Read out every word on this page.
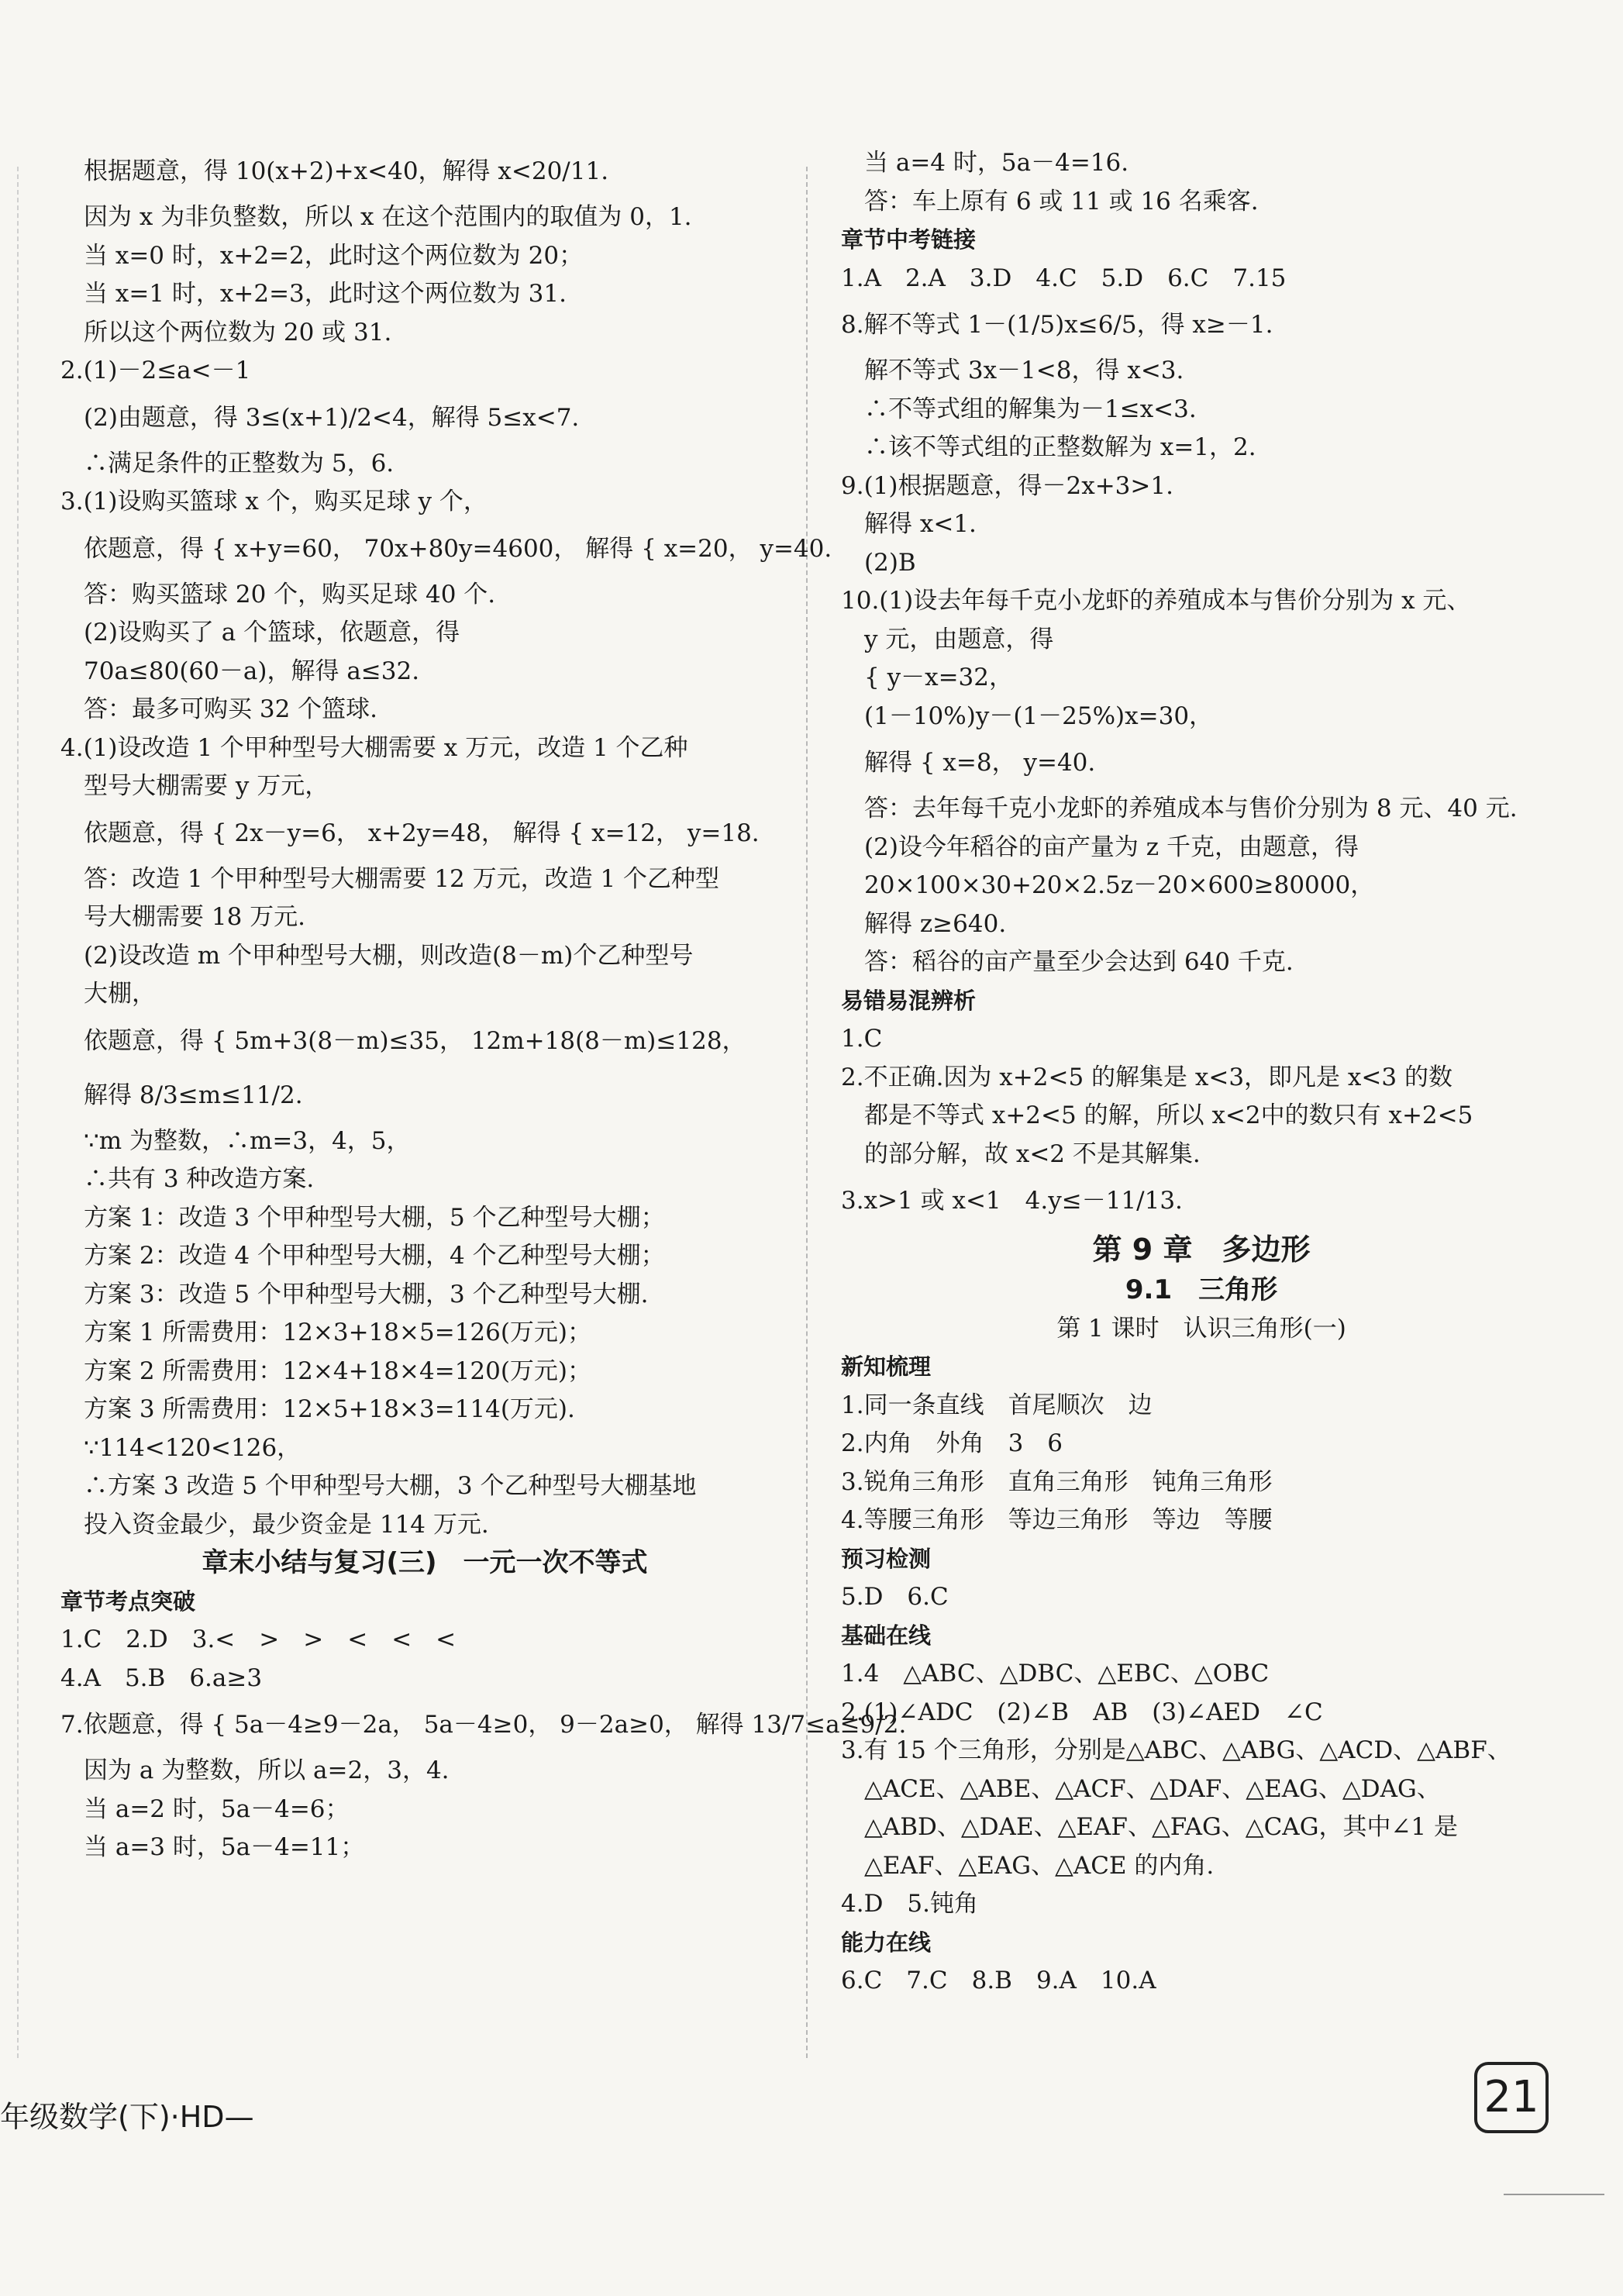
根据题意，得 10(x+2)+x<40，解得 x<20/11.
因为 x 为非负整数，所以 x 在这个范围内的取值为 0，1.
当 x=0 时，x+2=2，此时这个两位数为 20；
当 x=1 时，x+2=3，此时这个两位数为 31.
所以这个两位数为 20 或 31.
2.(1)－2≤a<－1
(2)由题意，得 3≤(x+1)/2<4，解得 5≤x<7.
∴满足条件的正整数为 5，6.
3.(1)设购买篮球 x 个，购买足球 y 个，
依题意，得 { x+y=60， 70x+80y=4600， 解得 { x=20， y=40.
答：购买篮球 20 个，购买足球 40 个.
(2)设购买了 a 个篮球，依题意，得
70a≤80(60－a)，解得 a≤32.
答：最多可购买 32 个篮球.
4.(1)设改造 1 个甲种型号大棚需要 x 万元，改造 1 个乙种
型号大棚需要 y 万元，
依题意，得 { 2x－y=6， x+2y=48， 解得 { x=12， y=18.
答：改造 1 个甲种型号大棚需要 12 万元，改造 1 个乙种型
号大棚需要 18 万元.
(2)设改造 m 个甲种型号大棚，则改造(8－m)个乙种型号
大棚，
依题意，得 { 5m+3(8－m)≤35， 12m+18(8－m)≤128，
解得 8/3≤m≤11/2.
∵m 为整数，∴m=3，4，5，
∴共有 3 种改造方案.
方案 1：改造 3 个甲种型号大棚，5 个乙种型号大棚；
方案 2：改造 4 个甲种型号大棚，4 个乙种型号大棚；
方案 3：改造 5 个甲种型号大棚，3 个乙种型号大棚.
方案 1 所需费用：12×3+18×5=126(万元)；
方案 2 所需费用：12×4+18×4=120(万元)；
方案 3 所需费用：12×5+18×3=114(万元).
∵114<120<126，
∴方案 3 改造 5 个甲种型号大棚，3 个乙种型号大棚基地
投入资金最少，最少资金是 114 万元.
章末小结与复习(三)　一元一次不等式
章节考点突破
1.C　2.D　3.<　>　>　<　<　<
4.A　5.B　6.a≥3
7.依题意，得 { 5a－4≥9－2a， 5a－4≥0， 9－2a≥0， 解得 13/7≤a≤9/2.
因为 a 为整数，所以 a=2，3，4.
当 a=2 时，5a－4=6；
当 a=3 时，5a－4=11；
当 a=4 时，5a－4=16.
答：车上原有 6 或 11 或 16 名乘客.
章节中考链接
1.A　2.A　3.D　4.C　5.D　6.C　7.15
8.解不等式 1－(1/5)x≤6/5，得 x≥－1.
解不等式 3x－1<8，得 x<3.
∴不等式组的解集为－1≤x<3.
∴该不等式组的正整数解为 x=1，2.
9.(1)根据题意，得－2x+3>1.
解得 x<1.
(2)B
10.(1)设去年每千克小龙虾的养殖成本与售价分别为 x 元、
y 元，由题意，得
{ y－x=32，
(1－10%)y－(1－25%)x=30，
解得 { x=8， y=40.
答：去年每千克小龙虾的养殖成本与售价分别为 8 元、40 元.
(2)设今年稻谷的亩产量为 z 千克，由题意，得
20×100×30+20×2.5z－20×600≥80000，
解得 z≥640.
答：稻谷的亩产量至少会达到 640 千克.
易错易混辨析
1.C
2.不正确.因为 x+2<5 的解集是 x<3，即凡是 x<3 的数
都是不等式 x+2<5 的解，所以 x<2中的数只有 x+2<5
的部分解，故 x<2 不是其解集.
3.x>1 或 x<1　4.y≤－11/13.
第 9 章　多边形
9.1　三角形
第 1 课时　认识三角形(一)
新知梳理
1.同一条直线　首尾顺次　边
2.内角　外角　3　6
3.锐角三角形　直角三角形　钝角三角形
4.等腰三角形　等边三角形　等边　等腰
预习检测
5.D　6.C
基础在线
1.4　△ABC、△DBC、△EBC、△OBC
2.(1)∠ADC　(2)∠B　AB　(3)∠AED　∠C
3.有 15 个三角形，分别是△ABC、△ABG、△ACD、△ABF、
△ACE、△ABE、△ACF、△DAF、△EAG、△DAG、
△ABD、△DAE、△EAF、△FAG、△CAG，其中∠1 是
△EAF、△EAG、△ACE 的内角.
4.D　5.钝角
能力在线
6.C　7.C　8.B　9.A　10.A
年级数学(下)·HD—	21
